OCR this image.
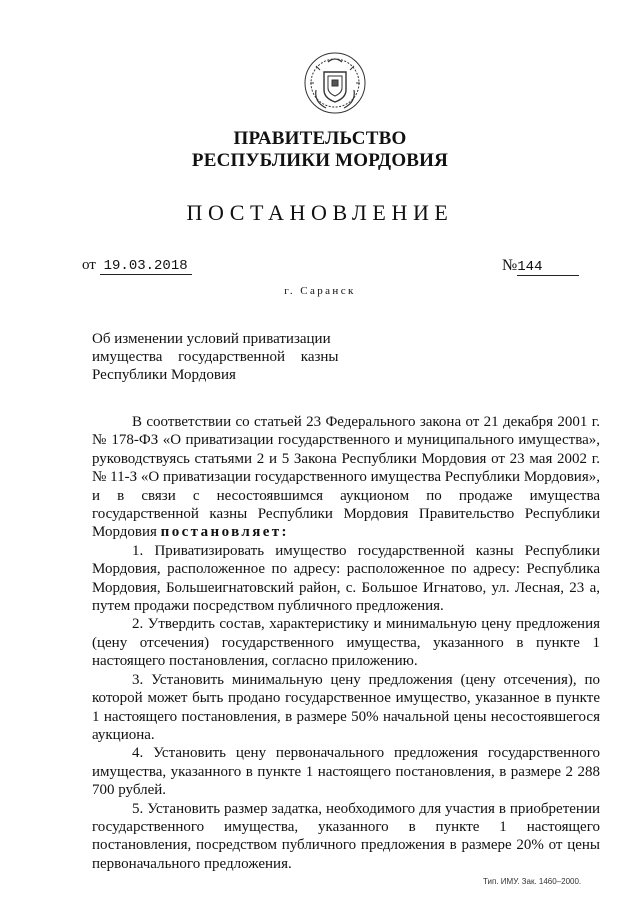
ПРАВИТЕЛЬСТВО
РЕСПУБЛИКИ МОРДОВИЯ
ПОСТАНОВЛЕНИЕ
от 19.03.2018	№144
г. Саранск
Об изменении условий приватизации
имущества государственной казны
Республики Мордовия

В соответствии со статьей 23 Федерального закона от 21 декабря 2001 г. № 178-ФЗ «О приватизации государственного и муниципального имущества», руководствуясь статьями 2 и 5 Закона Республики Мордовия от 23 мая 2002 г. № 11-З «О приватизации государственного имущества Республики Мордовия», и в связи с несостоявшимся аукционом по продаже имущества государственной казны Республики Мордовия Правительство Республики Мордовия постановляет:

1. Приватизировать имущество государственной казны Республики Мордовия, расположенное по адресу: расположенное по адресу: Республика Мордовия, Большеигнатовский район, с. Большое Игнатово, ул. Лесная, 23 а, путем продажи посредством публичного предложения.

2. Утвердить состав, характеристику и минимальную цену предложения (цену отсечения) государственного имущества, указанного в пункте 1 настоящего постановления, согласно приложению.

3. Установить минимальную цену предложения (цену отсечения), по которой может быть продано государственное имущество, указанное в пункте 1 настоящего постановления, в размере 50% начальной цены несостоявшегося аукциона.

4. Установить цену первоначального предложения государственного имущества, указанного в пункте 1 настоящего постановления, в размере 2 288 700 рублей.

5. Установить размер задатка, необходимого для участия в приобретении государственного имущества, указанного в пункте 1 настоящего постановления, посредством публичного предложения в размере 20% от цены первоначального предложения.

Тип. ИМУ. Зак. 1460–2000.
